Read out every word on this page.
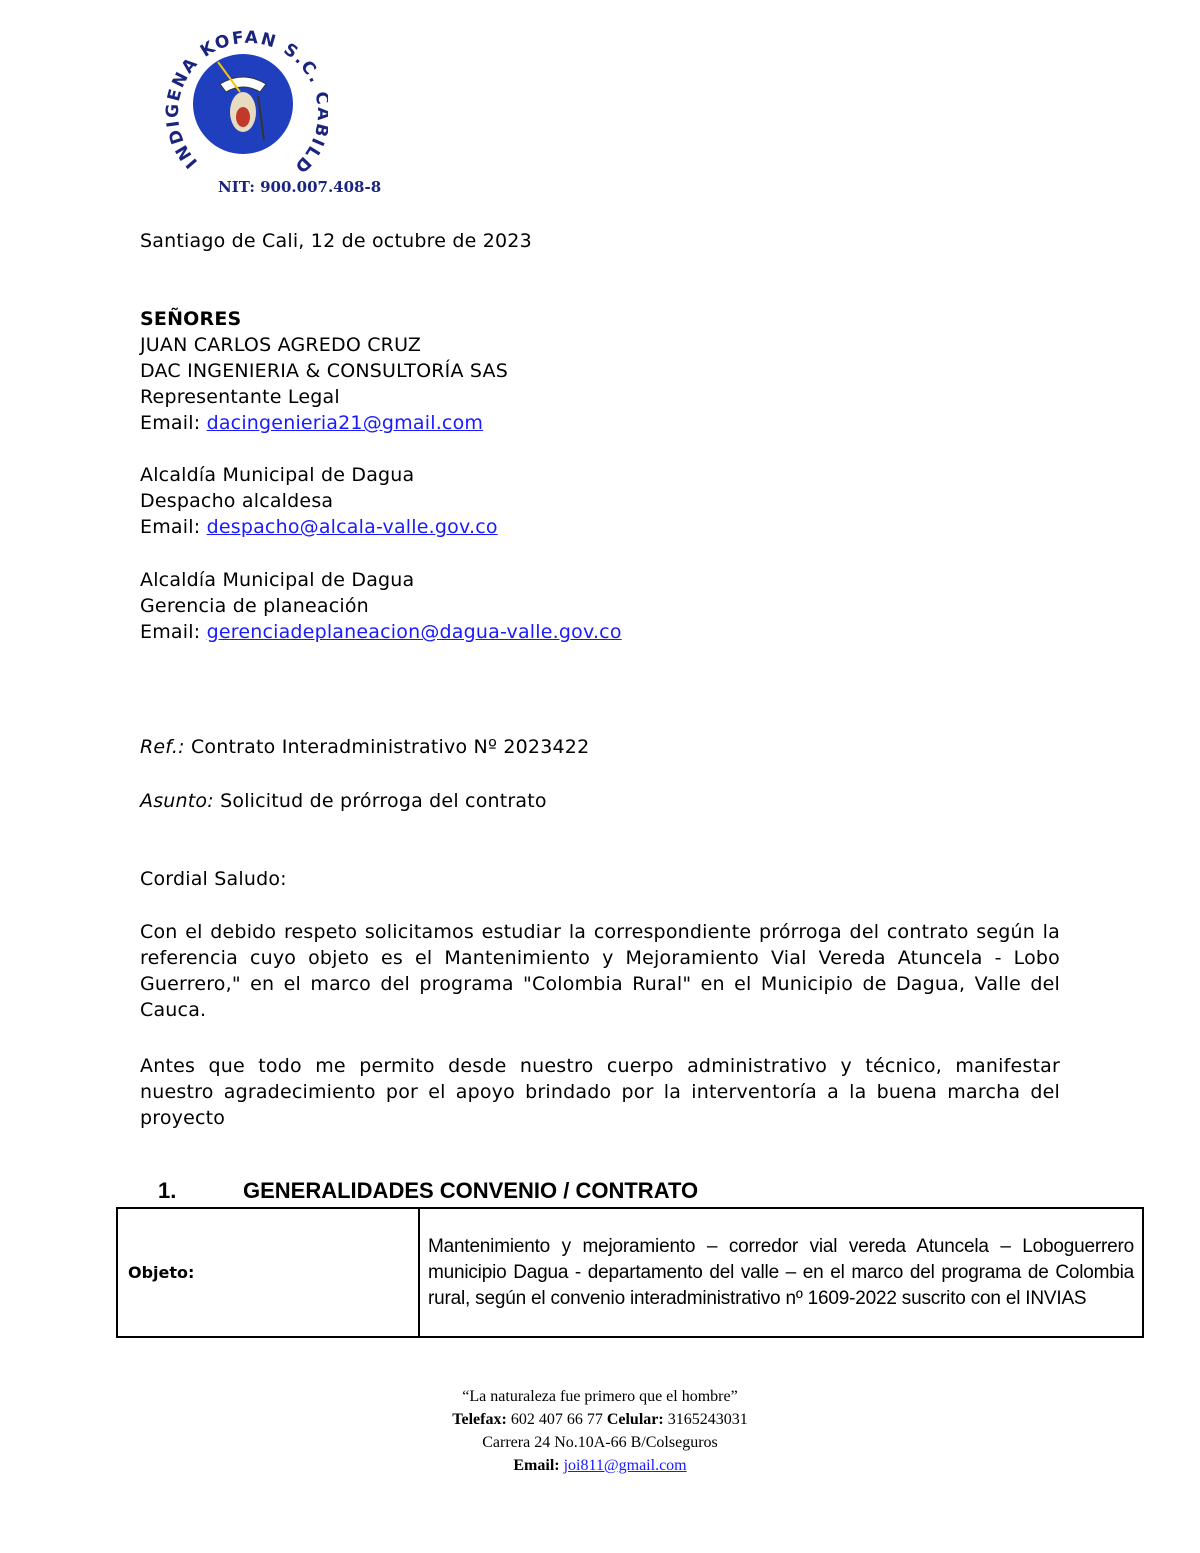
INDIGENA KOFAN S.C. ILD
NIT: 900.007.408-8
Santiago de Cali, 12 de octubre de 2023
SEÑORES
JUAN CARLOS AGREDO CRUZ
DAC INGENIERIA & CONSULTORÍA SAS
Representante Legal
Email: dacingenieria21@gmail.com
Alcaldía Municipal de Dagua
Despacho alcaldesa
Email: despacho@alcala-valle.gov.co
Alcaldía Municipal de Dagua
Gerencia de planeación
Email: gerenciadeplaneacion@dagua-valle.gov.co
Ref.: Contrato Interadministrativo Nº 2023422
Asunto: Solicitud de prórroga del contrato
Cordial Saludo:
Con el debido respeto solicitamos estudiar la correspondiente prórroga del contrato según la referencia cuyo objeto es el Mantenimiento y Mejoramiento Vial Vereda Atuncela - Lobo Guerrero," en el marco del programa "Colombia Rural" en el Municipio de Dagua, Valle del Cauca.
Antes que todo me permito desde nuestro cuerpo administrativo y técnico, manifestar nuestro agradecimiento por el apoyo brindado por la interventoría a la buena marcha del proyecto
1.	GENERALIDADES CONVENIO / CONTRATO
Objeto:	Mantenimiento y mejoramiento – corredor vial vereda Atuncela – Loboguerrero municipio Dagua - departamento del valle – en el marco del programa de Colombia rural, según el convenio interadministrativo nº 1609-2022 suscrito con el INVIAS
“La naturaleza fue primero que el hombre”
Telefax: 602 407 66 77 Celular: 3165243031
Carrera 24 No.10A-66 B/Colseguros
Email: joi811@gmail.com
